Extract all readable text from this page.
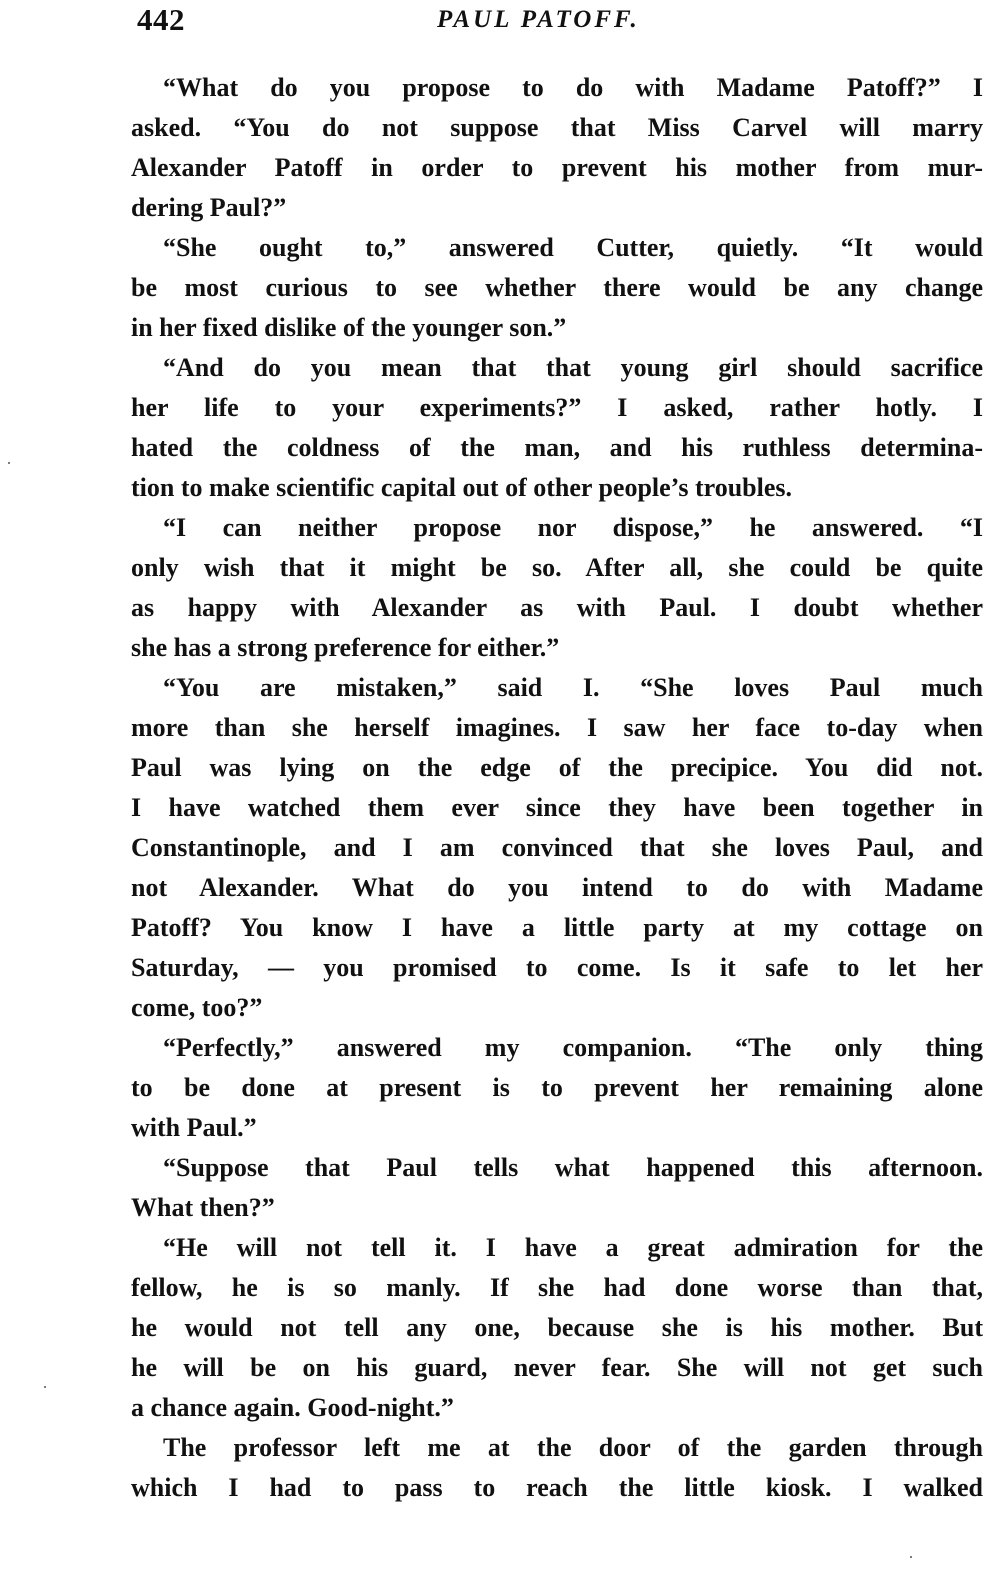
442	PAUL PATOFF.
“What do you propose to do with Madame Patoff?” I
asked. “You do not suppose that Miss Carvel will marry
Alexander Patoff in order to prevent his mother from mur-
dering Paul?”
“She ought to,” answered Cutter, quietly. “It would
be most curious to see whether there would be any change
in her fixed dislike of the younger son.”
“And do you mean that that young girl should sacrifice
her life to your experiments?” I asked, rather hotly. I
hated the coldness of the man, and his ruthless determina-
tion to make scientific capital out of other people’s troubles.
“I can neither propose nor dispose,” he answered. “I
only wish that it might be so. After all, she could be quite
as happy with Alexander as with Paul. I doubt whether
she has a strong preference for either.”
“You are mistaken,” said I. “She loves Paul much
more than she herself imagines. I saw her face to-day when
Paul was lying on the edge of the precipice. You did not.
I have watched them ever since they have been together in
Constantinople, and I am convinced that she loves Paul, and
not Alexander. What do you intend to do with Madame
Patoff? You know I have a little party at my cottage on
Saturday, — you promised to come. Is it safe to let her
come, too?”
“Perfectly,” answered my companion. “The only thing
to be done at present is to prevent her remaining alone
with Paul.”
“Suppose that Paul tells what happened this afternoon.
What then?”
“He will not tell it. I have a great admiration for the
fellow, he is so manly. If she had done worse than that,
he would not tell any one, because she is his mother. But
he will be on his guard, never fear. She will not get such
a chance again. Good-night.”
The professor left me at the door of the garden through
which I had to pass to reach the little kiosk. I walked
